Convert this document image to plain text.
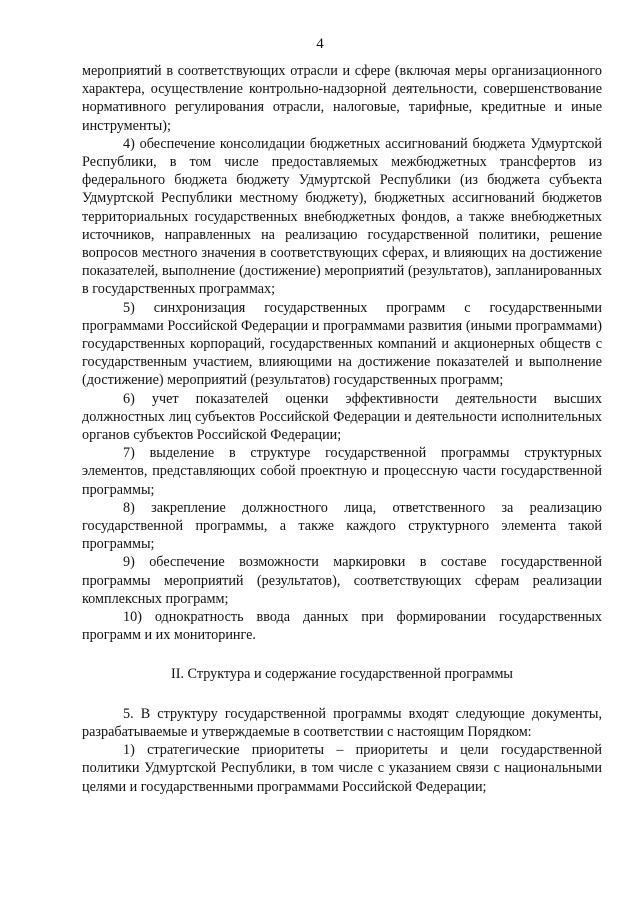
4

мероприятий в соответствующих отрасли и сфере (включая меры организационного характера, осуществление контрольно-надзорной деятельности, совершенствование нормативного регулирования отрасли, налоговые, тарифные, кредитные и иные инструменты);

4) обеспечение консолидации бюджетных ассигнований бюджета Удмуртской Республики, в том числе предоставляемых межбюджетных трансфертов из федерального бюджета бюджету Удмуртской Республики (из бюджета субъекта Удмуртской Республики местному бюджету), бюджетных ассигнований бюджетов территориальных государственных внебюджетных фондов, а также внебюджетных источников, направленных на реализацию государственной политики, решение вопросов местного значения в соответствующих сферах, и влияющих на достижение показателей, выполнение (достижение) мероприятий (результатов), запланированных в государственных программах;

5) синхронизация государственных программ с государственными программами Российской Федерации и программами развития (иными программами) государственных корпораций, государственных компаний и акционерных обществ с государственным участием, влияющими на достижение показателей и выполнение (достижение) мероприятий (результатов) государственных программ;

6) учет показателей оценки эффективности деятельности высших должностных лиц субъектов Российской Федерации и деятельности исполнительных органов субъектов Российской Федерации;

7) выделение в структуре государственной программы структурных элементов, представляющих собой проектную и процессную части государственной программы;

8) закрепление должностного лица, ответственного за реализацию государственной программы, а также каждого структурного элемента такой программы;

9) обеспечение возможности маркировки в составе государственной программы мероприятий (результатов), соответствующих сферам реализации комплексных программ;

10) однократность ввода данных при формировании государственных программ и их мониторинге.

II. Структура и содержание государственной программы

5. В структуру государственной программы входят следующие документы, разрабатываемые и утверждаемые в соответствии с настоящим Порядком:

1) стратегические приоритеты – приоритеты и цели государственной политики Удмуртской Республики, в том числе с указанием связи с национальными целями и государственными программами Российской Федерации;
